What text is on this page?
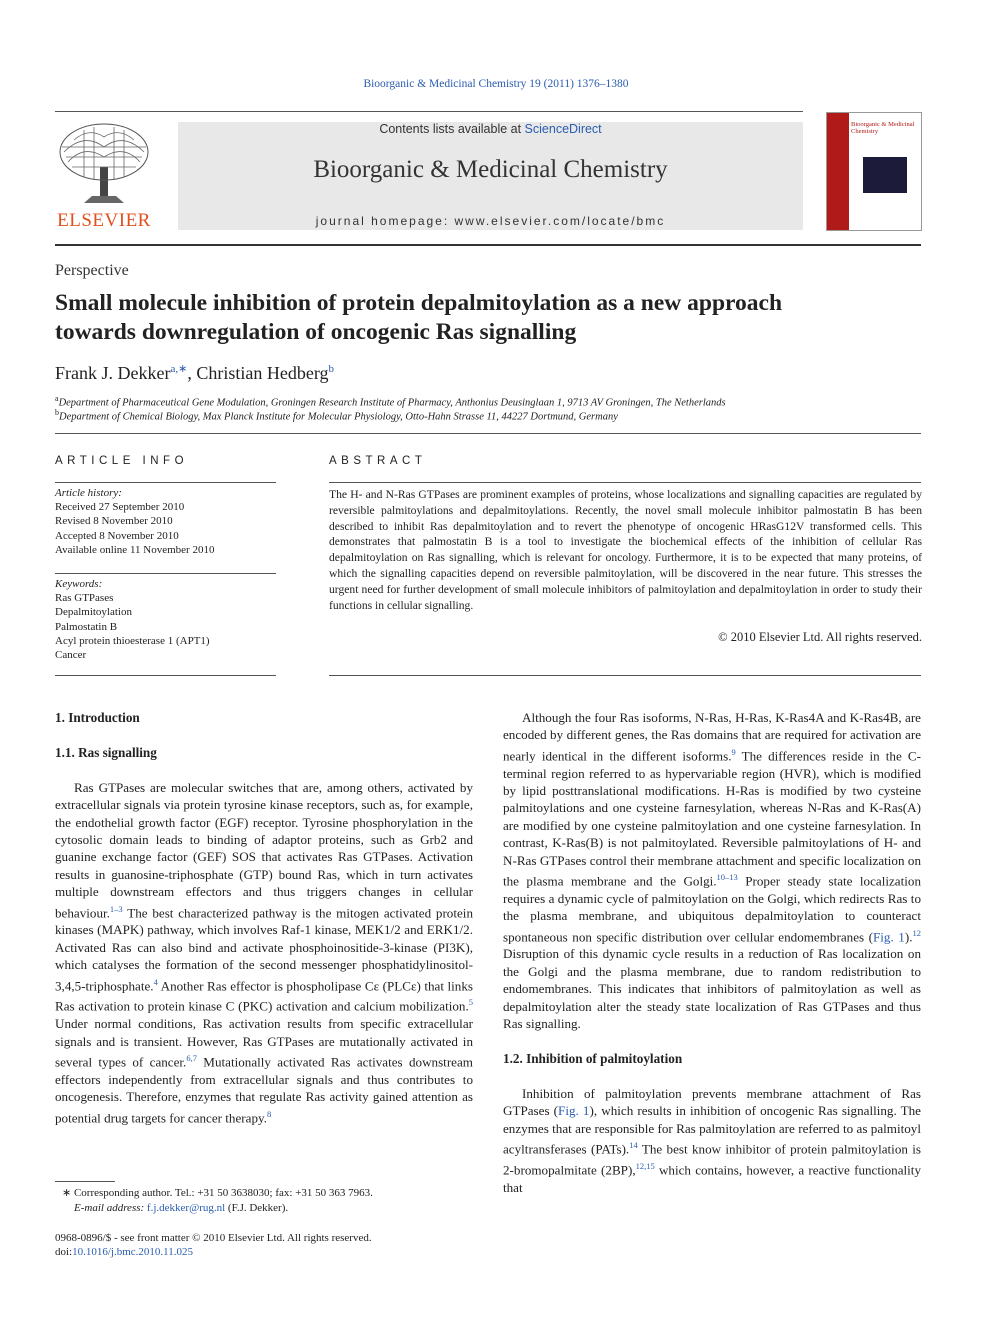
Bioorganic & Medicinal Chemistry 19 (2011) 1376–1380
ELSEVIER
Contents lists available at ScienceDirect
Bioorganic & Medicinal Chemistry
journal homepage: www.elsevier.com/locate/bmc
Bioorganic & Medicinal Chemistry
Perspective
Small molecule inhibition of protein depalmitoylation as a new approach
towards downregulation of oncogenic Ras signalling
Frank J. Dekker$^{a,∗}$, Christian Hedberg$^b$
$^a$Department of Pharmaceutical Gene Modulation, Groningen Research Institute of Pharmacy, Anthonius Deusinglaan 1, 9713 AV Groningen, The Netherlands
$^b$Department of Chemical Biology, Max Planck Institute for Molecular Physiology, Otto-Hahn Strasse 11, 44227 Dortmund, Germany
ARTICLE INFO
Article history:
Received 27 September 2010
Revised 8 November 2010
Accepted 8 November 2010
Available online 11 November 2010
Keywords:
Ras GTPases
Depalmitoylation
Palmostatin B
Acyl protein thioesterase 1 (APT1)
Cancer
ABSTRACT
The H- and N-Ras GTPases are prominent examples of proteins, whose localizations and signalling capacities are regulated by reversible palmitoylations and depalmitoylations. Recently, the novel small molecule inhibitor palmostatin B has been described to inhibit Ras depalmitoylation and to revert the phenotype of oncogenic HRasG12V transformed cells. This demonstrates that palmostatin B is a tool to investigate the biochemical effects of the inhibition of cellular Ras depalmitoylation on Ras signalling, which is relevant for oncology. Furthermore, it is to be expected that many proteins, of which the signalling capacities depend on reversible palmitoylation, will be discovered in the near future. This stresses the urgent need for further development of small molecule inhibitors of palmitoylation and depalmitoylation in order to study their functions in cellular signalling.
© 2010 Elsevier Ltd. All rights reserved.
1. Introduction
1.1. Ras signalling

Ras GTPases are molecular switches that are, among others, activated by extracellular signals via protein tyrosine kinase receptors, such as, for example, the endothelial growth factor (EGF) receptor. Tyrosine phosphorylation in the cytosolic domain leads to binding of adaptor proteins, such as Grb2 and guanine exchange factor (GEF) SOS that activates Ras GTPases. Activation results in guanosine-triphosphate (GTP) bound Ras, which in turn activates multiple downstream effectors and thus triggers changes in cellular behaviour.$^{1-3}$ The best characterized pathway is the mitogen activated protein kinases (MAPK) pathway, which involves Raf-1 kinase, MEK1/2 and ERK1/2. Activated Ras can also bind and activate phosphoinositide-3-kinase (PI3K), which catalyses the formation of the second messenger phosphatidylinositol-3,4,5-triphosphate.$^4$ Another Ras effector is phospholipase Cε (PLCε) that links Ras activation to protein kinase C (PKC) activation and calcium mobilization.$^5$ Under normal conditions, Ras activation results from specific extracellular signals and is transient. However, Ras GTPases are mutationally activated in several types of cancer.$^{6,7}$ Mutationally activated Ras activates downstream effectors independently from extracellular signals and thus contributes to oncogenesis. Therefore, enzymes that regulate Ras activity gained attention as potential drug targets for cancer therapy.$^8$

Although the four Ras isoforms, N-Ras, H-Ras, K-Ras4A and K-Ras4B, are encoded by different genes, the Ras domains that are required for activation are nearly identical in the different isoforms.$^9$ The differences reside in the C-terminal region referred to as hypervariable region (HVR), which is modified by lipid posttranslational modifications. H-Ras is modified by two cysteine palmitoylations and one cysteine farnesylation, whereas N-Ras and K-Ras(A) are modified by one cysteine palmitoylation and one cysteine farnesylation. In contrast, K-Ras(B) is not palmitoylated. Reversible palmitoylations of H- and N-Ras GTPases control their membrane attachment and specific localization on the plasma membrane and the Golgi.$^{10-13}$ Proper steady state localization requires a dynamic cycle of palmitoylation on the Golgi, which redirects Ras to the plasma membrane, and ubiquitous depalmitoylation to counteract spontaneous non specific distribution over cellular endomembranes (Fig. 1).$^{12}$ Disruption of this dynamic cycle results in a reduction of Ras localization on the Golgi and the plasma membrane, due to random redistribution to endomembranes. This indicates that inhibitors of palmitoylation as well as depalmitoylation alter the steady state localization of Ras GTPases and thus Ras signalling.

1.2. Inhibition of palmitoylation

Inhibition of palmitoylation prevents membrane attachment of Ras GTPases (Fig. 1), which results in inhibition of oncogenic Ras signalling. The enzymes that are responsible for Ras palmitoylation are referred to as palmitoyl acyltransferases (PATs).$^{14}$ The best know inhibitor of protein palmitoylation is 2-bromopalmitate (2BP),$^{12,15}$ which contains, however, a reactive functionality that

∗ Corresponding author. Tel.: +31 50 3638030; fax: +31 50 363 7963.
E-mail address: f.j.dekker@rug.nl (F.J. Dekker).
0968-0896/$ - see front matter © 2010 Elsevier Ltd. All rights reserved.
doi:10.1016/j.bmc.2010.11.025
